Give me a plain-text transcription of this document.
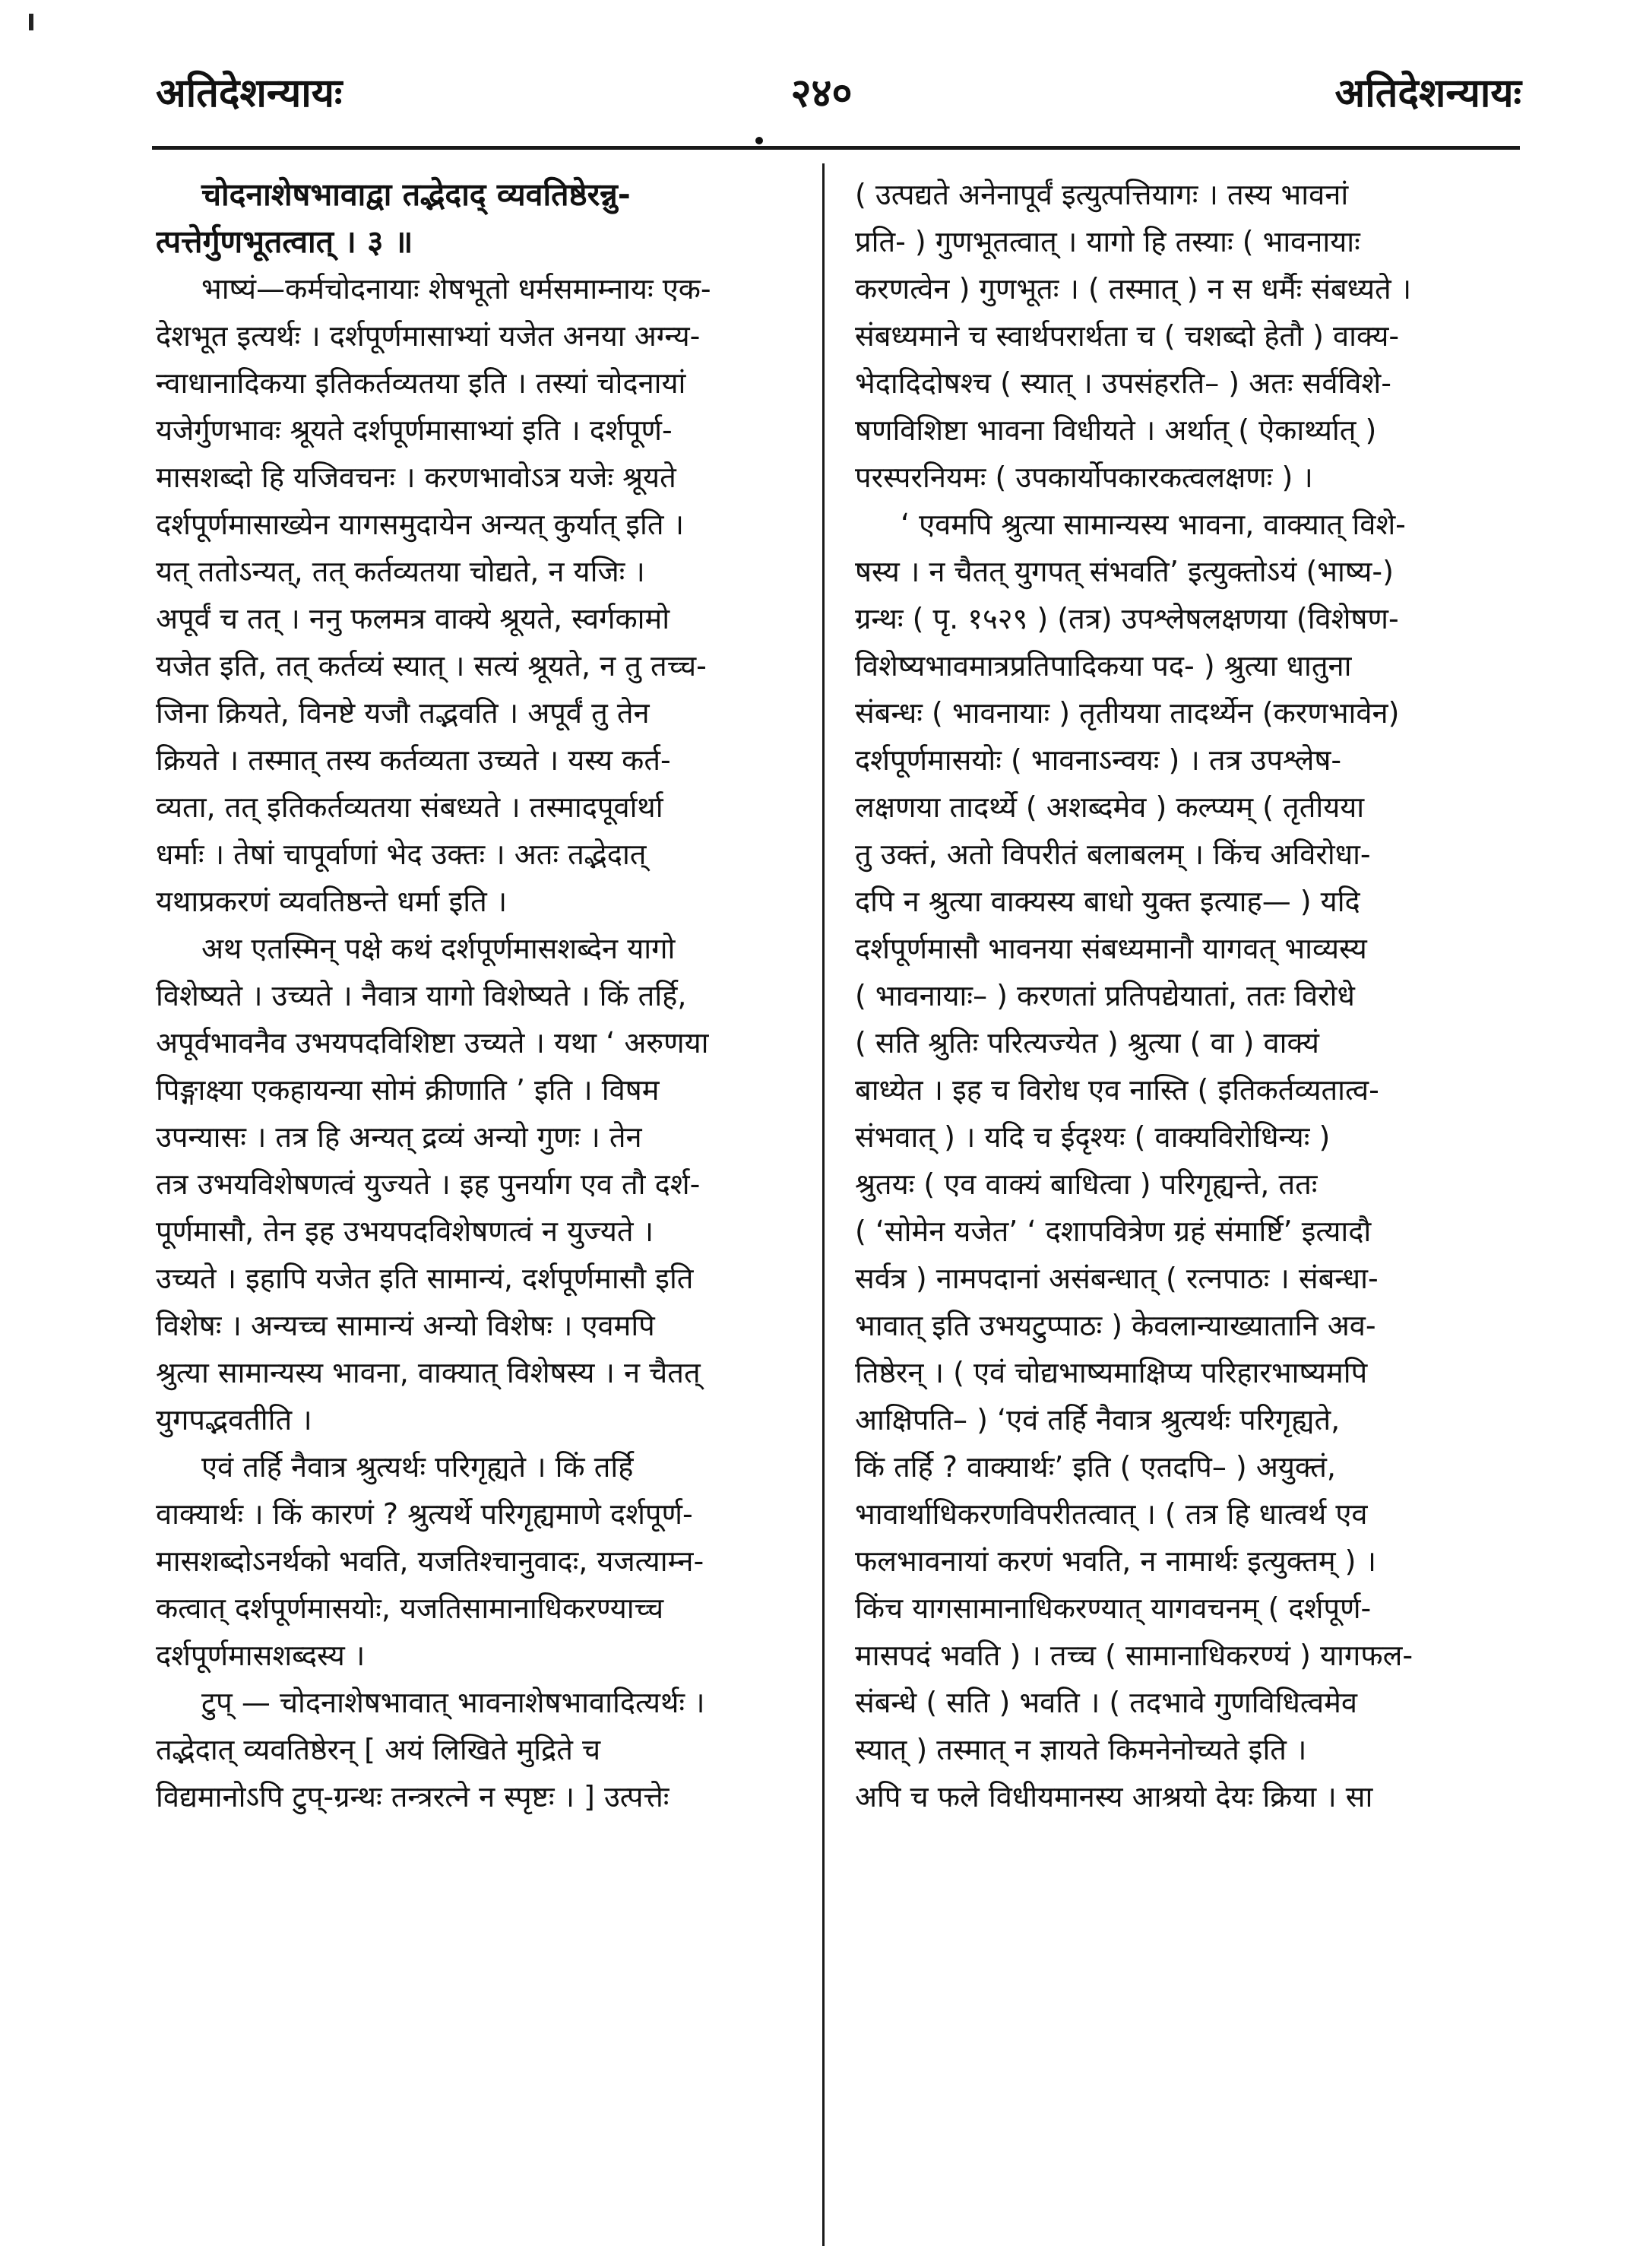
अतिदेशन्यायः	२४०	अतिदेशन्यायः

चोदनाशेषभावाद्वा तद्भेदाद् व्यवतिष्ठेरन्नु-
त्पत्तेर्गुणभूतत्वात् । ३ ॥

भाष्यं—कर्मचोदनायाः शेषभूतो धर्मसमाम्नायः एक-
देशभूत इत्यर्थः । दर्शपूर्णमासाभ्यां यजेत अनया अग्न्य-
न्वाधानादिकया इतिकर्तव्यतया इति । तस्यां चोदनायां
यजेर्गुणभावः श्रूयते दर्शपूर्णमासाभ्यां इति । दर्शपूर्ण-
मासशब्दो हि यजिवचनः । करणभावोऽत्र यजेः श्रूयते
दर्शपूर्णमासाख्येन यागसमुदायेन अन्यत् कुर्यात् इति ।
यत् ततोऽन्यत्, तत् कर्तव्यतया चोद्यते, न यजिः ।
अपूर्वं च तत् । ननु फलमत्र वाक्ये श्रूयते, स्वर्गकामो
यजेत इति, तत् कर्तव्यं स्यात् । सत्यं श्रूयते, न तु तच्च-
जिना क्रियते, विनष्टे यजौ तद्भवति । अपूर्वं तु तेन
क्रियते । तस्मात् तस्य कर्तव्यता उच्यते । यस्य कर्त-
व्यता, तत् इतिकर्तव्यतया संबध्यते । तस्मादपूर्वार्था
धर्माः । तेषां चापूर्वाणां भेद उक्तः । अतः तद्भेदात्
यथाप्रकरणं व्यवतिष्ठन्ते धर्मा इति ।

अथ एतस्मिन् पक्षे कथं दर्शपूर्णमासशब्देन यागो
विशेष्यते । उच्यते । नैवात्र यागो विशेष्यते । किं तर्हि,
अपूर्वभावनैव उभयपदविशिष्टा उच्यते । यथा ‘ अरुणया
पिङ्गाक्ष्या एकहायन्या सोमं क्रीणाति ’ इति । विषम
उपन्यासः । तत्र हि अन्यत् द्रव्यं अन्यो गुणः । तेन
तत्र उभयविशेषणत्वं युज्यते । इह पुनर्याग एव तौ दर्श-
पूर्णमासौ, तेन इह उभयपदविशेषणत्वं न युज्यते ।
उच्यते । इहापि यजेत इति सामान्यं, दर्शपूर्णमासौ इति
विशेषः । अन्यच्च सामान्यं अन्यो विशेषः । एवमपि
श्रुत्या सामान्यस्य भावना, वाक्यात् विशेषस्य । न चैतत्
युगपद्भवतीति ।

एवं तर्हि नैवात्र श्रुत्यर्थः परिगृह्यते । किं तर्हि
वाक्यार्थः । किं कारणं ? श्रुत्यर्थे परिगृह्यमाणे दर्शपूर्ण-
मासशब्दोऽनर्थको भवति, यजतिश्चानुवादः, यजत्याम्न-
कत्वात् दर्शपूर्णमासयोः, यजतिसामानाधिकरण्याच्च
दर्शपूर्णमासशब्दस्य ।

टुप् — चोदनाशेषभावात् भावनाशेषभावादित्यर्थः ।
तद्भेदात् व्यवतिष्ठेरन् [ अयं लिखिते मुद्रिते च
विद्यमानोऽपि टुप्-ग्रन्थः तन्त्ररत्ने न स्पृष्टः । ] उत्पत्तेः

( उत्पद्यते अनेनापूर्वं इत्युत्पत्तियागः । तस्य भावनां
प्रति- ) गुणभूतत्वात् । यागो हि तस्याः ( भावनायाः
करणत्वेन ) गुणभूतः । ( तस्मात् ) न स धर्मैः संबध्यते ।
संबध्यमाने च स्वार्थपरार्थता च ( चशब्दो हेतौ ) वाक्य-
भेदादिदोषश्च ( स्यात् । उपसंहरति– ) अतः सर्वविशे-
षणविशिष्टा भावना विधीयते । अर्थात् ( ऐकार्थ्यात् )
परस्परनियमः ( उपकार्योपकारकत्वलक्षणः ) ।

‘ एवमपि श्रुत्या सामान्यस्य भावना, वाक्यात् विशे-
षस्य । न चैतत् युगपत् संभवति’ इत्युक्तोऽयं (भाष्य-)
ग्रन्थः ( पृ. १५२९ ) (तत्र) उपश्लेषलक्षणया (विशेषण-
विशेष्यभावमात्रप्रतिपादिकया पद- ) श्रुत्या धातुना
संबन्धः ( भावनायाः ) तृतीयया तादर्थ्येन (करणभावेन)
दर्शपूर्णमासयोः ( भावनाऽन्वयः ) । तत्र उपश्लेष-
लक्षणया तादर्थ्ये ( अशब्दमेव ) कल्प्यम् ( तृतीयया
तु उक्तं, अतो विपरीतं बलाबलम् । किंच अविरोधा-
दपि न श्रुत्या वाक्यस्य बाधो युक्त इत्याह— ) यदि
दर्शपूर्णमासौ भावनया संबध्यमानौ यागवत् भाव्यस्य
( भावनायाः– ) करणतां प्रतिपद्येयातां, ततः विरोधे
( सति श्रुतिः परित्यज्येत ) श्रुत्या ( वा ) वाक्यं
बाध्येत । इह च विरोध एव नास्ति ( इतिकर्तव्यतात्व-
संभवात् ) । यदि च ईदृश्यः ( वाक्यविरोधिन्यः )
श्रुतयः ( एव वाक्यं बाधित्वा ) परिगृह्यन्ते, ततः
( ‘सोमेन यजेत’ ‘ दशापवित्रेण ग्रहं संमार्ष्टि’ इत्यादौ
सर्वत्र ) नामपदानां असंबन्धात् ( रत्नपाठः । संबन्धा-
भावात् इति उभयटुप्पाठः ) केवलान्याख्यातानि अव-
तिष्ठेरन् । ( एवं चोद्यभाष्यमाक्षिप्य परिहारभाष्यमपि
आक्षिपति– ) ‘एवं तर्हि नैवात्र श्रुत्यर्थः परिगृह्यते,
किं तर्हि ? वाक्यार्थः’ इति ( एतदपि– ) अयुक्तं,
भावार्थाधिकरणविपरीतत्वात् । ( तत्र हि धात्वर्थ एव
फलभावनायां करणं भवति, न नामार्थः इत्युक्तम् ) ।
किंच यागसामानाधिकरण्यात् यागवचनम् ( दर्शपूर्ण-
मासपदं भवति ) । तच्च ( सामानाधिकरण्यं ) यागफल-
संबन्धे ( सति ) भवति । ( तदभावे गुणविधित्वमेव
स्यात् ) तस्मात् न ज्ञायते किमनेनोच्यते इति ।
अपि च फले विधीयमानस्य आश्रयो देयः क्रिया । सा
